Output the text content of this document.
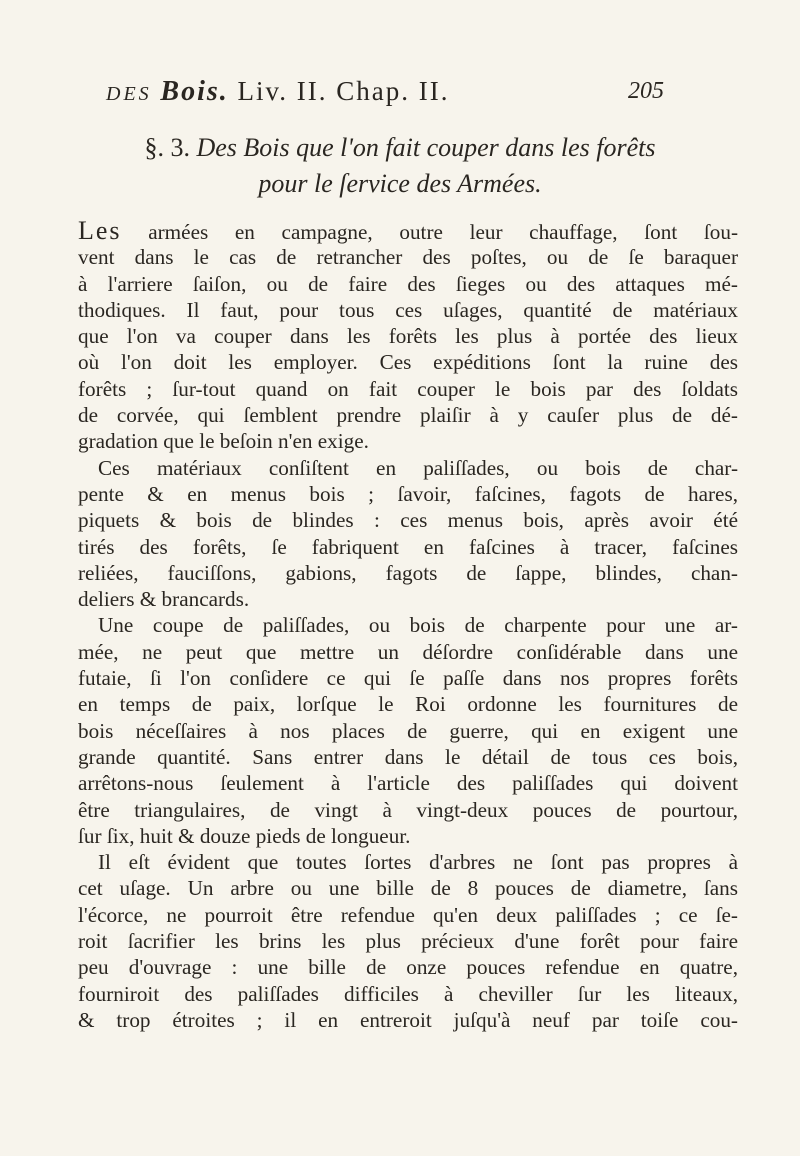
DES Bois. Liv. II. Chap. II.	205
§. 3. Des Bois que l'on fait couper dans les forêts
pour le ſervice des Armées.
Les armées en campagne, outre leur chauffage, ſont ſou-
vent dans le cas de retrancher des poſtes, ou de ſe baraquer
à l'arriere ſaiſon, ou de faire des ſieges ou des attaques mé-
thodiques. Il faut, pour tous ces uſages, quantité de matériaux
que l'on va couper dans les forêts les plus à portée des lieux
où l'on doit les employer. Ces expéditions ſont la ruine des
forêts ; ſur-tout quand on fait couper le bois par des ſoldats
de corvée, qui ſemblent prendre plaiſir à y cauſer plus de dé-
gradation que le beſoin n'en exige.
Ces matériaux conſiſtent en paliſſades, ou bois de char-
pente & en menus bois ; ſavoir, faſcines, fagots de hares,
piquets & bois de blindes : ces menus bois, après avoir été
tirés des forêts, ſe fabriquent en faſcines à tracer, faſcines
reliées, fauciſſons, gabions, fagots de ſappe, blindes, chan-
deliers & brancards.
Une coupe de paliſſades, ou bois de charpente pour une ar-
mée, ne peut que mettre un déſordre conſidérable dans une
futaie, ſi l'on conſidere ce qui ſe paſſe dans nos propres forêts
en temps de paix, lorſque le Roi ordonne les fournitures de
bois néceſſaires à nos places de guerre, qui en exigent une
grande quantité. Sans entrer dans le détail de tous ces bois,
arrêtons-nous ſeulement à l'article des paliſſades qui doivent
être triangulaires, de vingt à vingt-deux pouces de pourtour,
ſur ſix, huit & douze pieds de longueur.
Il eſt évident que toutes ſortes d'arbres ne ſont pas propres à
cet uſage. Un arbre ou une bille de 8 pouces de diametre, ſans
l'écorce, ne pourroit être refendue qu'en deux paliſſades ; ce ſe-
roit ſacrifier les brins les plus précieux d'une forêt pour faire
peu d'ouvrage : une bille de onze pouces refendue en quatre,
fourniroit des paliſſades difficiles à cheviller ſur les liteaux,
& trop étroites ; il en entreroit juſqu'à neuf par toiſe cou-
